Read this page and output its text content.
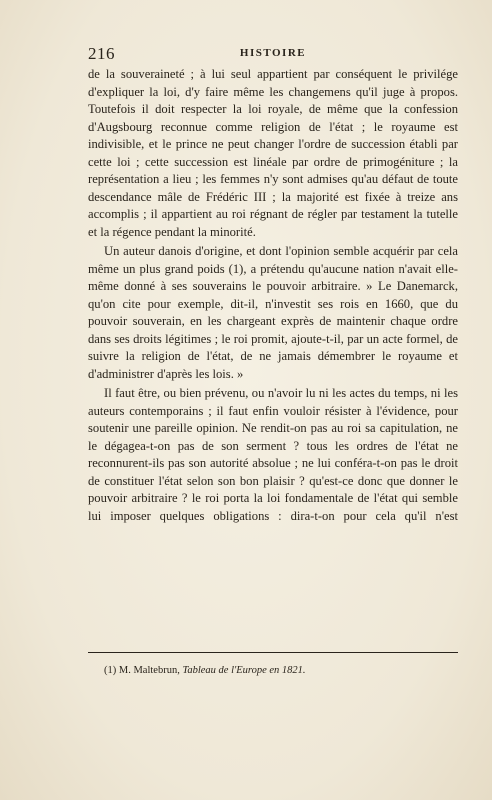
216	HISTOIRE

de la souveraineté ; à lui seul appartient par conséquent le privilége d'expliquer la loi, d'y faire même les changemens qu'il juge à propos. Toutefois il doit respecter la loi royale, de même que la confession d'Augsbourg reconnue comme religion de l'état ; le royaume est indivisible, et le prince ne peut changer l'ordre de succession établi par cette loi ; cette succession est linéale par ordre de primogéniture ; la représentation a lieu ; les femmes n'y sont admises qu'au défaut de toute descendance mâle de Frédéric III ; la majorité est fixée à treize ans accomplis ; il appartient au roi régnant de régler par testament la tutelle et la régence pendant la minorité.

Un auteur danois d'origine, et dont l'opinion semble acquérir par cela même un plus grand poids (1), a prétendu qu'aucune nation n'avait elle-même donné à ses souverains le pouvoir arbitraire. » Le Danemarck, qu'on cite pour exemple, dit-il, n'investit ses rois en 1660, que du pouvoir souverain, en les chargeant exprès de maintenir chaque ordre dans ses droits légitimes ; le roi promit, ajoute-t-il, par un acte formel, de suivre la religion de l'état, de ne jamais démembrer le royaume et d'administrer d'après les lois. »

Il faut être, ou bien prévenu, ou n'avoir lu ni les actes du temps, ni les auteurs contemporains ; il faut enfin vouloir résister à l'évidence, pour soutenir une pareille opinion. Ne rendit-on pas au roi sa capitulation, ne le dégagea-t-on pas de son serment ? tous les ordres de l'état ne reconnurent-ils pas son autorité absolue ; ne lui conféra-t-on pas le droit de constituer l'état selon son bon plaisir ? qu'est-ce donc que donner le pouvoir arbitraire ? le roi porta la loi fondamentale de l'état qui semble lui imposer quelques obligations : dira-t-on pour cela qu'il n'est

(1) M. Maltebrun, Tableau de l'Europe en 1821.
